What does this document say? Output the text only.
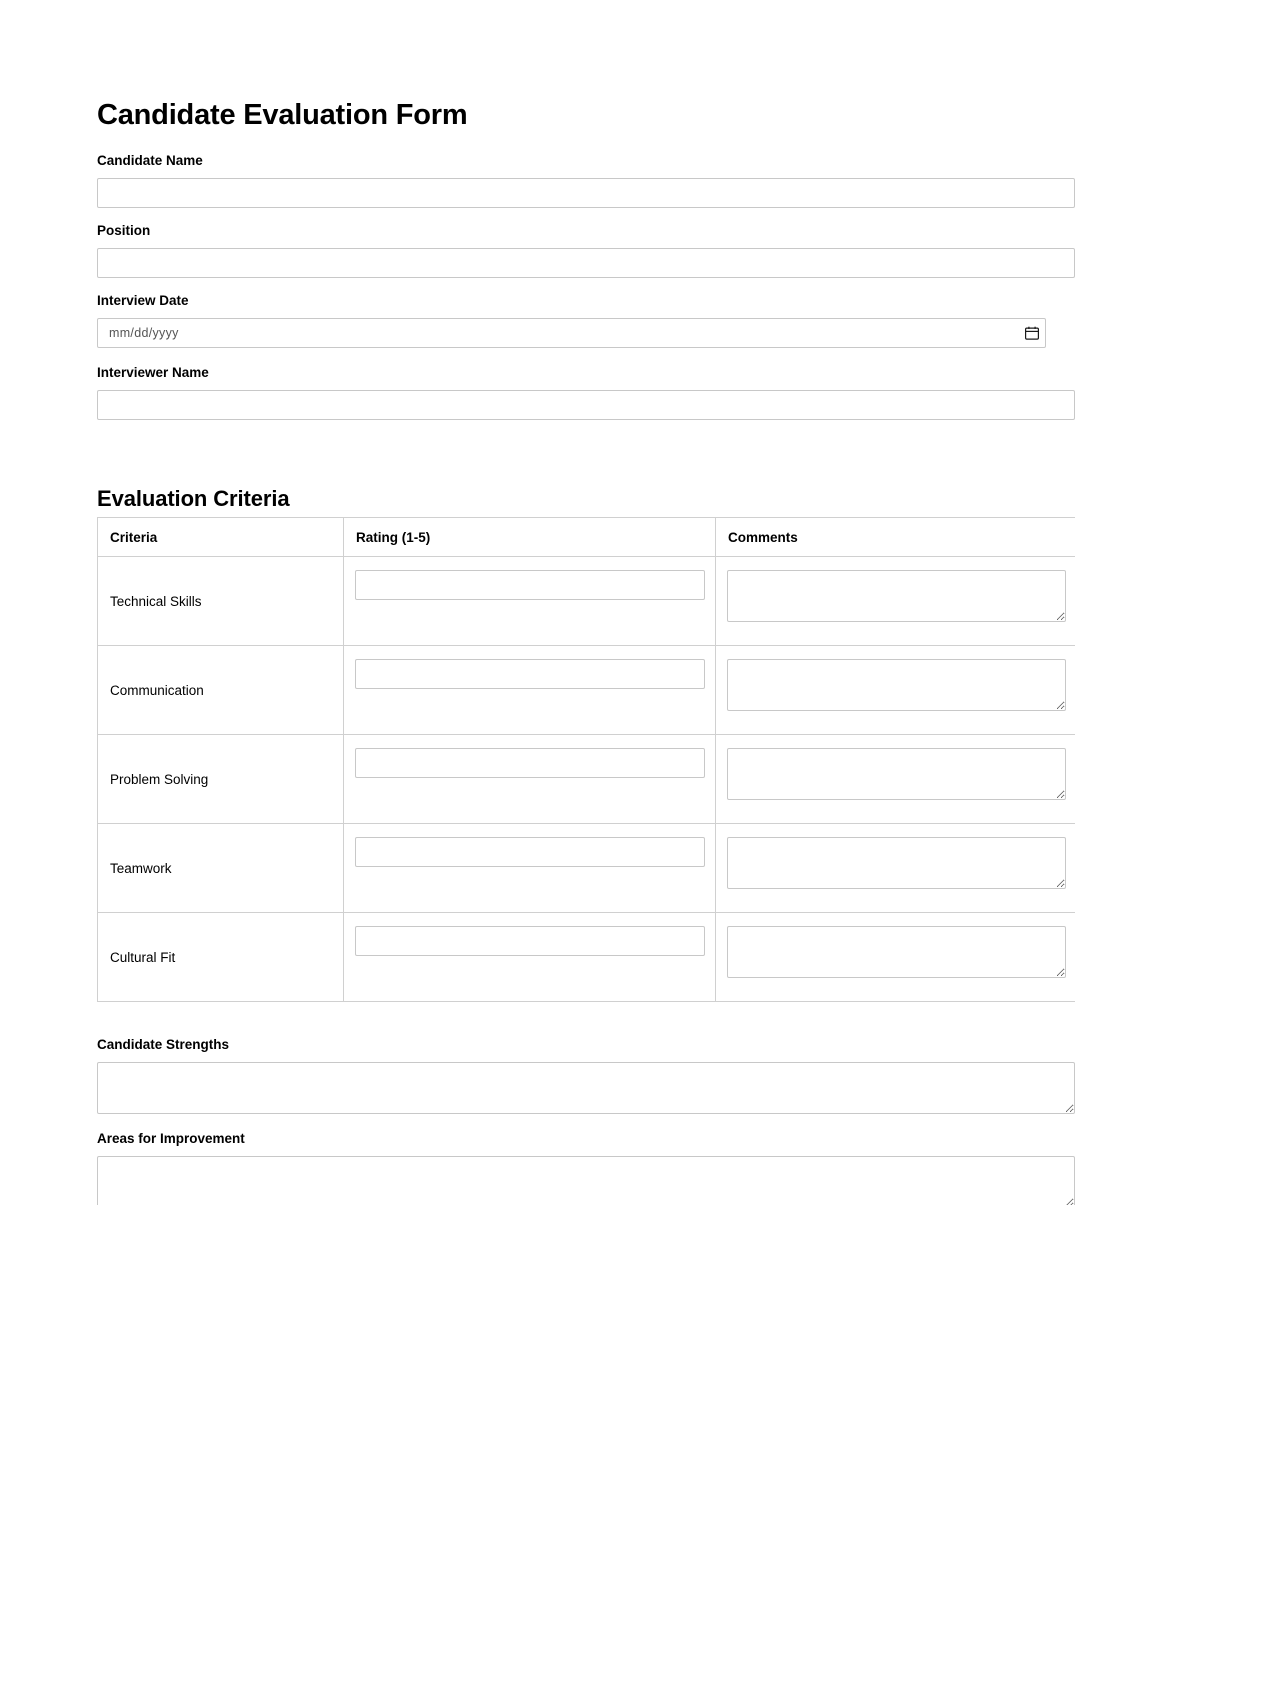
Candidate Evaluation Form
Candidate Name
Position
Interview Date
mm/dd/yyyy
Interviewer Name
Evaluation Criteria
Criteria	Rating (1-5)	Comments
Technical Skills	

Communication	

Problem Solving	

Teamwork	

Cultural Fit	

Candidate Strengths
Areas for Improvement
